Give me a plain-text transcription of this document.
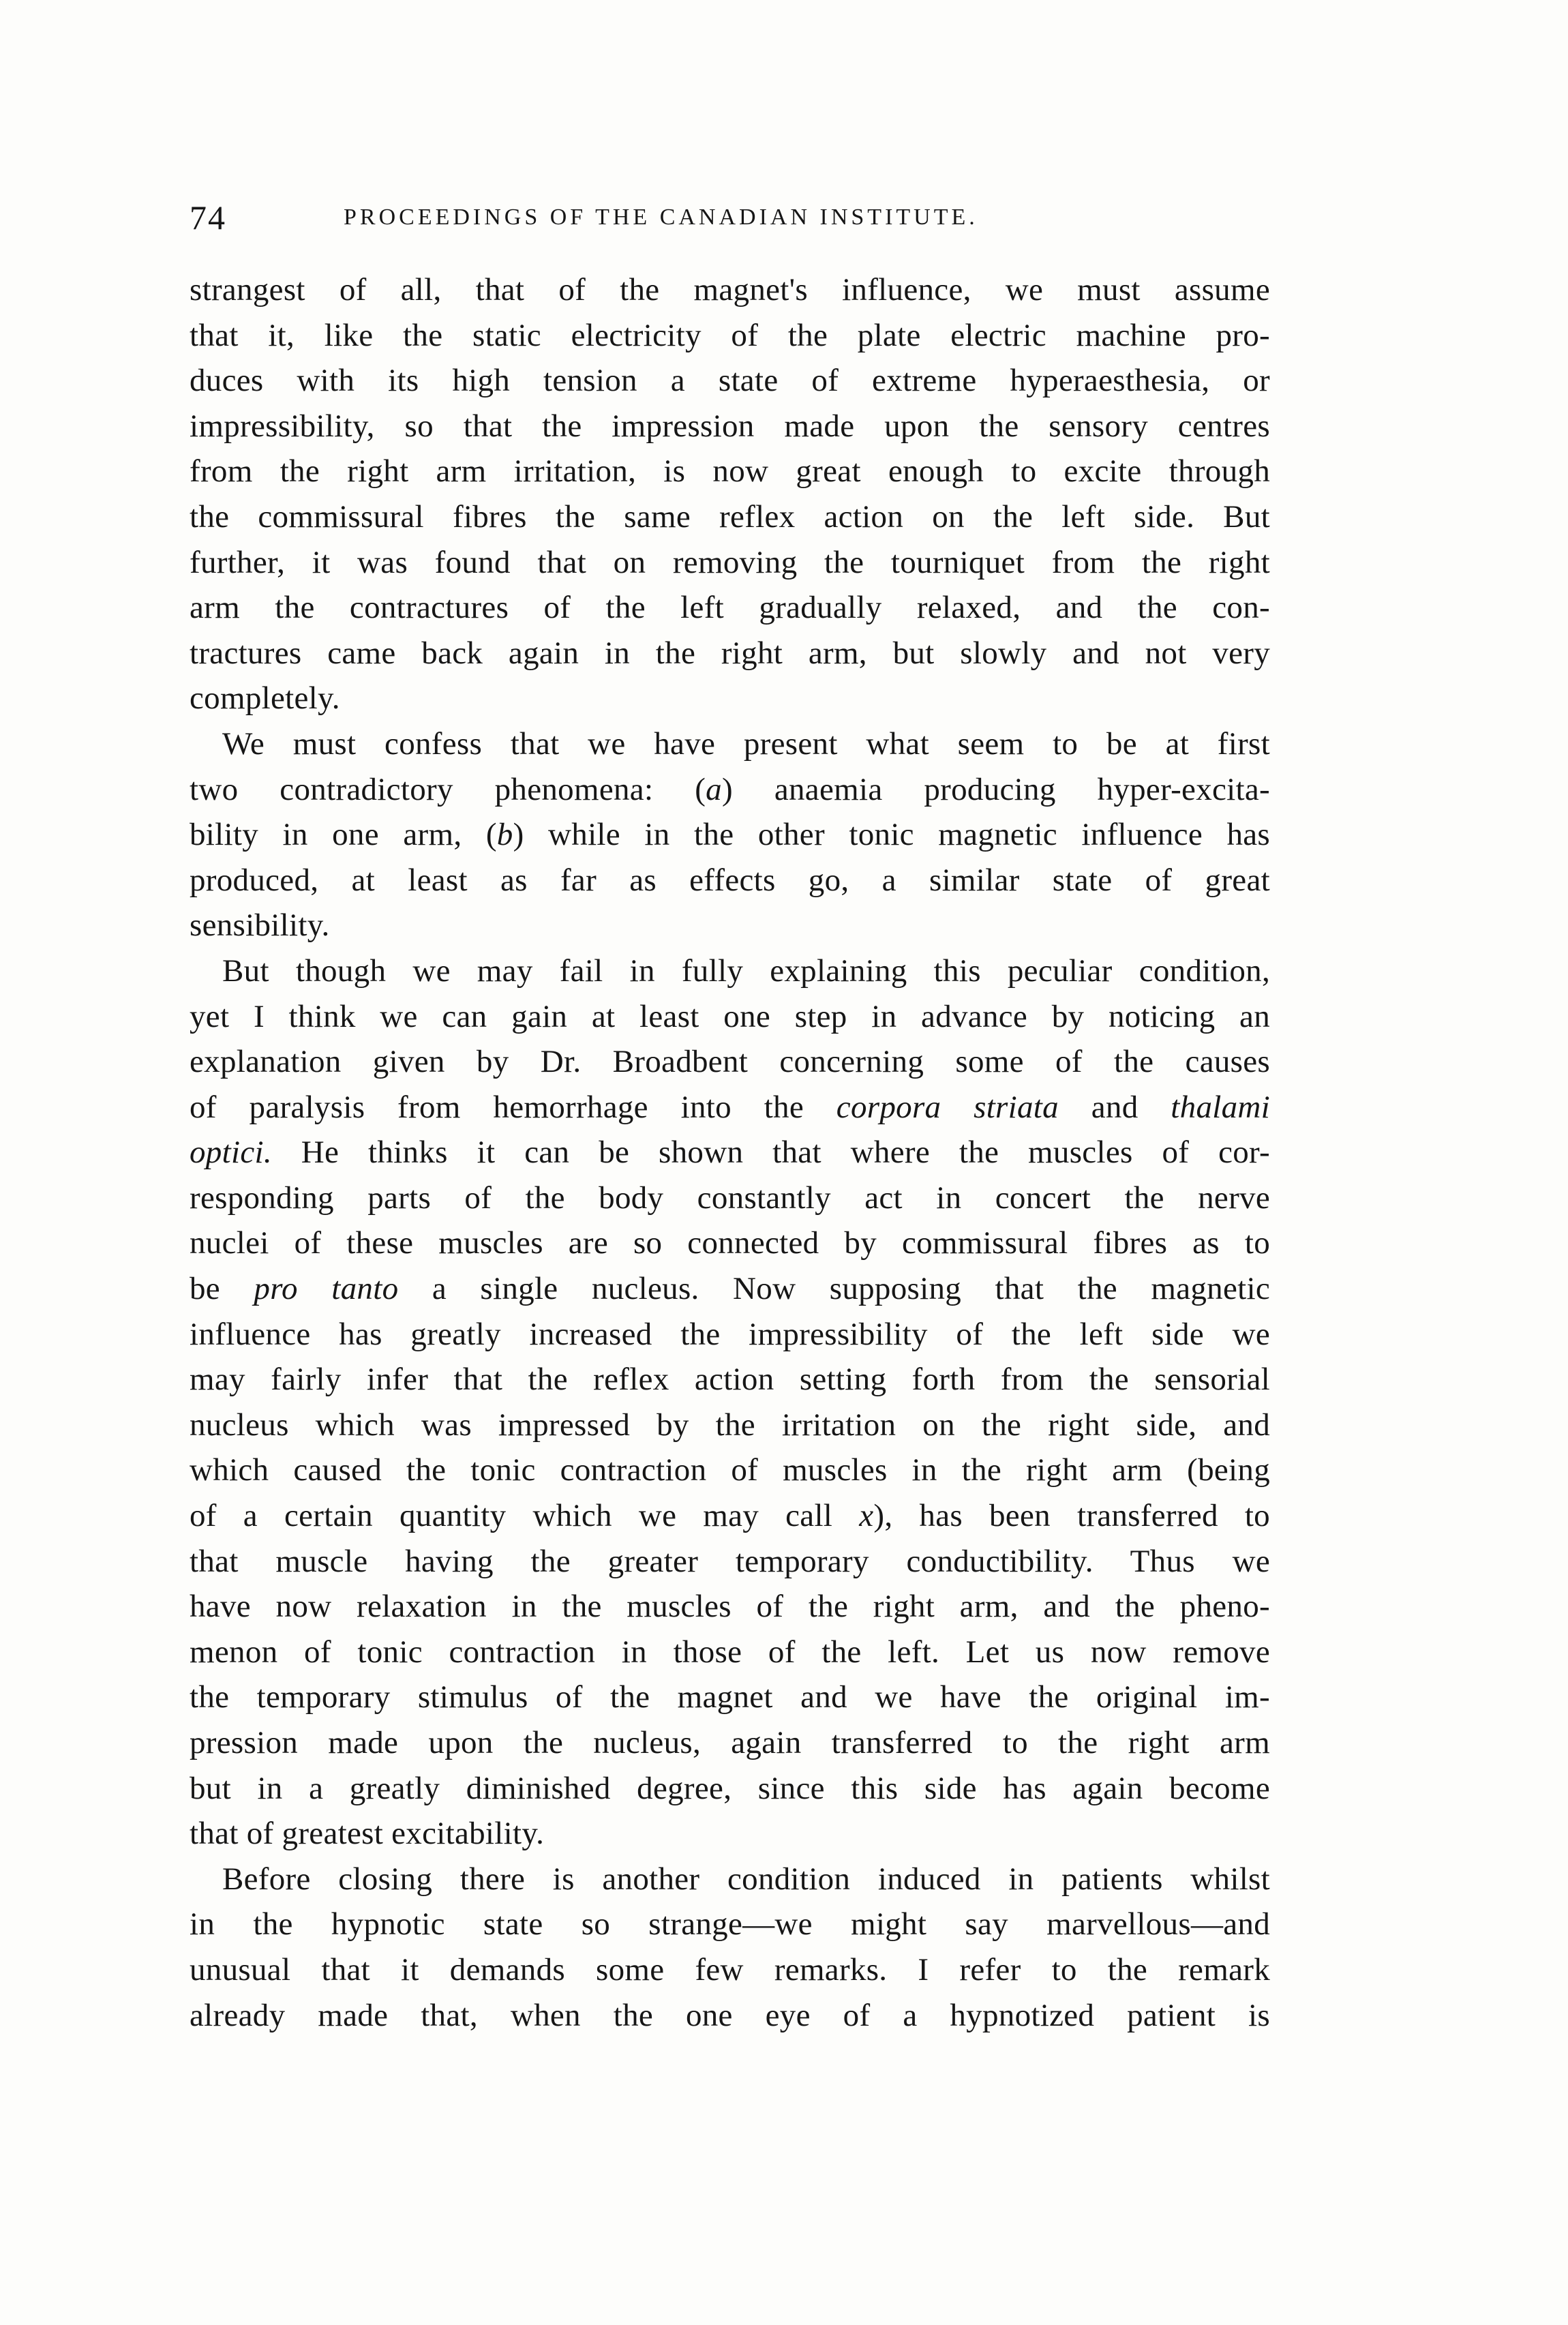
74	PROCEEDINGS OF THE CANADIAN INSTITUTE.
strangest of all, that of the magnet's influence, we must assume
that it, like the static electricity of the plate electric machine pro-
duces with its high tension a state of extreme hyperaesthesia, or
impressibility, so that the impression made upon the sensory centres
from the right arm irritation, is now great enough to excite through
the commissural fibres the same reflex action on the left side. But
further, it was found that on removing the tourniquet from the right
arm the contractures of the left gradually relaxed, and the con-
tractures came back again in the right arm, but slowly and not very
completely.
We must confess that we have present what seem to be at first
two contradictory phenomena: (a) anaemia producing hyper-excita-
bility in one arm, (b) while in the other tonic magnetic influence has
produced, at least as far as effects go, a similar state of great
sensibility.
But though we may fail in fully explaining this peculiar condition,
yet I think we can gain at least one step in advance by noticing an
explanation given by Dr. Broadbent concerning some of the causes
of paralysis from hemorrhage into the corpora striata and thalami
optici. He thinks it can be shown that where the muscles of cor-
responding parts of the body constantly act in concert the nerve
nuclei of these muscles are so connected by commissural fibres as to
be pro tanto a single nucleus. Now supposing that the magnetic
influence has greatly increased the impressibility of the left side we
may fairly infer that the reflex action setting forth from the sensorial
nucleus which was impressed by the irritation on the right side, and
which caused the tonic contraction of muscles in the right arm (being
of a certain quantity which we may call x), has been transferred to
that muscle having the greater temporary conductibility. Thus we
have now relaxation in the muscles of the right arm, and the pheno-
menon of tonic contraction in those of the left. Let us now remove
the temporary stimulus of the magnet and we have the original im-
pression made upon the nucleus, again transferred to the right arm
but in a greatly diminished degree, since this side has again become
that of greatest excitability.
Before closing there is another condition induced in patients whilst
in the hypnotic state so strange—we might say marvellous—and
unusual that it demands some few remarks. I refer to the remark
already made that, when the one eye of a hypnotized patient is
